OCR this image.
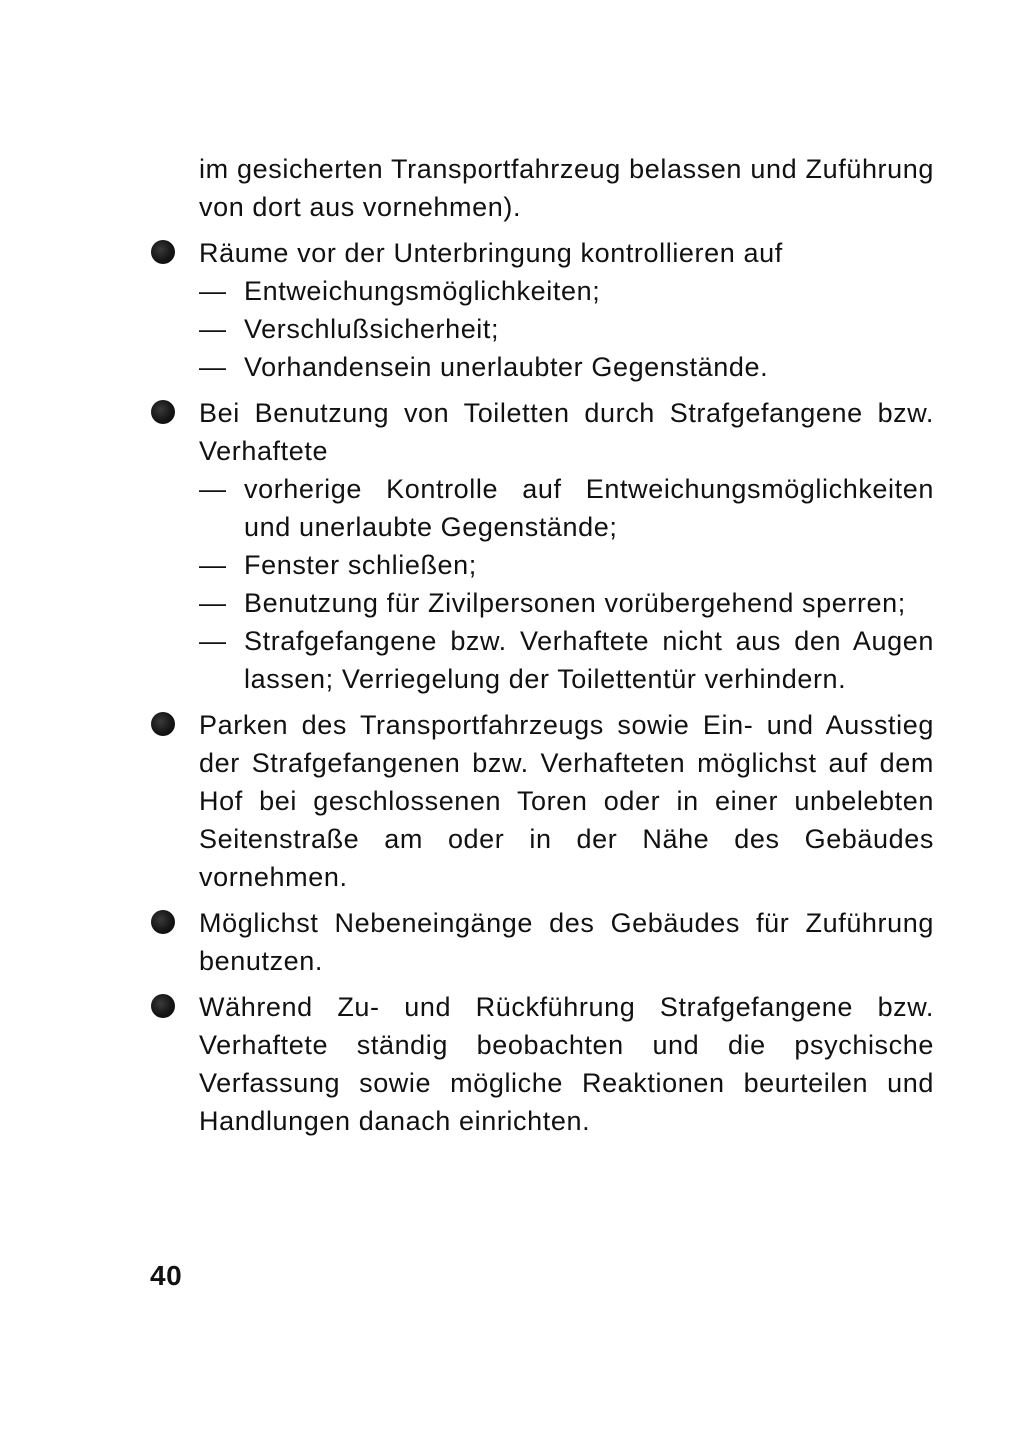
im gesicherten Transportfahrzeug belassen und Zuführung von dort aus vornehmen).
Räume vor der Unterbringung kontrollieren auf
—
Entweichungsmöglichkeiten;
—
Verschlußsicherheit;
—
Vorhandensein unerlaubter Gegenstände.
Bei Benutzung von Toiletten durch Strafgefangene bzw. Verhaftete
—
vorherige Kontrolle auf Entweichungsmöglichkeiten und unerlaubte Gegenstände;
—
Fenster schließen;
—
Benutzung für Zivilpersonen vorübergehend sperren;
—
Strafgefangene bzw. Verhaftete nicht aus den Augen lassen; Verriegelung der Toilettentür verhindern.
Parken des Transportfahrzeugs sowie Ein- und Ausstieg der Strafgefangenen bzw. Verhafteten möglichst auf dem Hof bei geschlossenen Toren oder in einer unbelebten Seitenstraße am oder in der Nähe des Gebäudes vornehmen.
Möglichst Nebeneingänge des Gebäudes für Zuführung benutzen.
Während Zu- und Rückführung Strafgefangene bzw. Verhaftete ständig beobachten und die psychische Verfassung sowie mögliche Reaktionen beurteilen und Handlungen danach einrichten.
40
